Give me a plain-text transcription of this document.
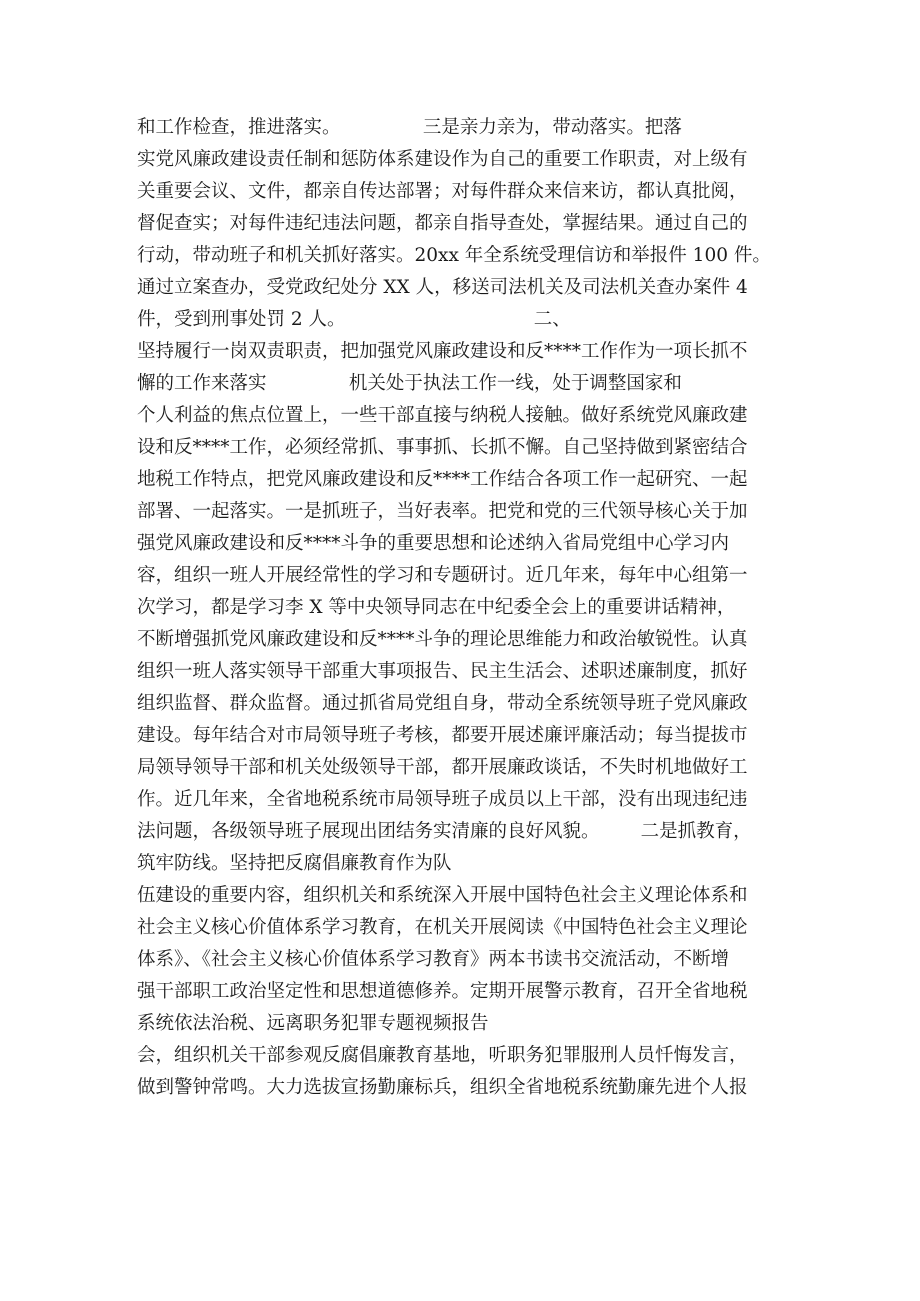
和工作检查，推进落实。              三是亲力亲为，带动落实。把落
实党风廉政建设责任制和惩防体系建设作为自己的重要工作职责，对上级有
关重要会议、文件，都亲自传达部署；对每件群众来信来访，都认真批阅，
督促查实；对每件违纪违法问题，都亲自指导查处，掌握结果。通过自己的
行动，带动班子和机关抓好落实。20xx 年全系统受理信访和举报件 100 件。
通过立案查办，受党政纪处分 XX 人，移送司法机关及司法机关查办案件 4
件，受到刑事处罚 2 人。                                二、
坚持履行一岗双责职责，把加强党风廉政建设和反****工作作为一项长抓不
懈的工作来落实              机关处于执法工作一线，处于调整国家和
个人利益的焦点位置上，一些干部直接与纳税人接触。做好系统党风廉政建
设和反****工作，必须经常抓、事事抓、长抓不懈。自己坚持做到紧密结合
地税工作特点，把党风廉政建设和反****工作结合各项工作一起研究、一起
部署、一起落实。一是抓班子，当好表率。把党和党的三代领导核心关于加
强党风廉政建设和反****斗争的重要思想和论述纳入省局党组中心学习内
容，组织一班人开展经常性的学习和专题研讨。近几年来，每年中心组第一
次学习，都是学习李 X 等中央领导同志在中纪委全会上的重要讲话精神，
不断增强抓党风廉政建设和反****斗争的理论思维能力和政治敏锐性。认真
组织一班人落实领导干部重大事项报告、民主生活会、述职述廉制度，抓好
组织监督、群众监督。通过抓省局党组自身，带动全系统领导班子党风廉政
建设。每年结合对市局领导班子考核，都要开展述廉评廉活动；每当提拔市
局领导领导干部和机关处级领导干部，都开展廉政谈话，不失时机地做好工
作。近几年来，全省地税系统市局领导班子成员以上干部，没有出现违纪违
法问题，各级领导班子展现出团结务实清廉的良好风貌。       二是抓教育，
筑牢防线。坚持把反腐倡廉教育作为队
伍建设的重要内容，组织机关和系统深入开展中国特色社会主义理论体系和
社会主义核心价值体系学习教育，在机关开展阅读《中国特色社会主义理论
体系》、《社会主义核心价值体系学习教育》两本书读书交流活动，不断增
强干部职工政治坚定性和思想道德修养。定期开展警示教育，召开全省地税
系统依法治税、远离职务犯罪专题视频报告
会，组织机关干部参观反腐倡廉教育基地，听职务犯罪服刑人员忏悔发言，
做到警钟常鸣。大力选拔宣扬勤廉标兵，组织全省地税系统勤廉先进个人报
